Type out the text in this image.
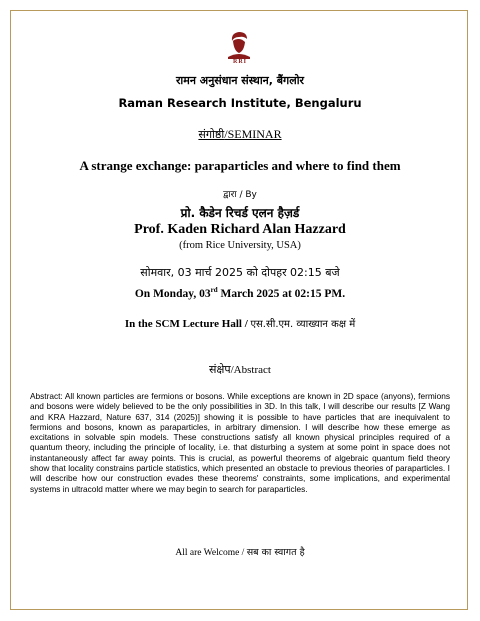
RRI
रामन अनुसंधान संस्थान, बैंगलोर
Raman Research Institute, Bengaluru
संगोष्ठी/SEMINAR
A strange exchange: paraparticles and where to find them
द्वारा / By
प्रो. कैडेन रिचर्ड एलन हैज़र्ड
Prof. Kaden Richard Alan Hazzard
(from Rice University, USA)
सोमवार, 03 मार्च 2025 को दोपहर 02:15 बजे
On Monday, 03rd March 2025 at 02:15 PM.
In the SCM Lecture Hall / एस.सी.एम. व्याख्यान कक्ष में
संक्षेप/Abstract

Abstract: All known particles are fermions or bosons. While exceptions are known in 2D space (anyons), fermions and bosons were widely believed to be the only possibilities in 3D. In this talk, I will describe our results [Z Wang and KRA Hazzard, Nature 637, 314 (2025)] showing it is possible to have particles that are inequivalent to fermions and bosons, known as paraparticles, in arbitrary dimension. I will describe how these emerge as excitations in solvable spin models. These constructions satisfy all known physical principles required of a quantum theory, including the principle of locality, i.e. that disturbing a system at some point in space does not instantaneously affect far away points. This is crucial, as powerful theorems of algebraic quantum field theory show that locality constrains particle statistics, which presented an obstacle to previous theories of paraparticles. I will describe how our construction evades these theorems' constraints, some implications, and experimental systems in ultracold matter where we may begin to search for paraparticles.

All are Welcome / सब का स्वागत है
